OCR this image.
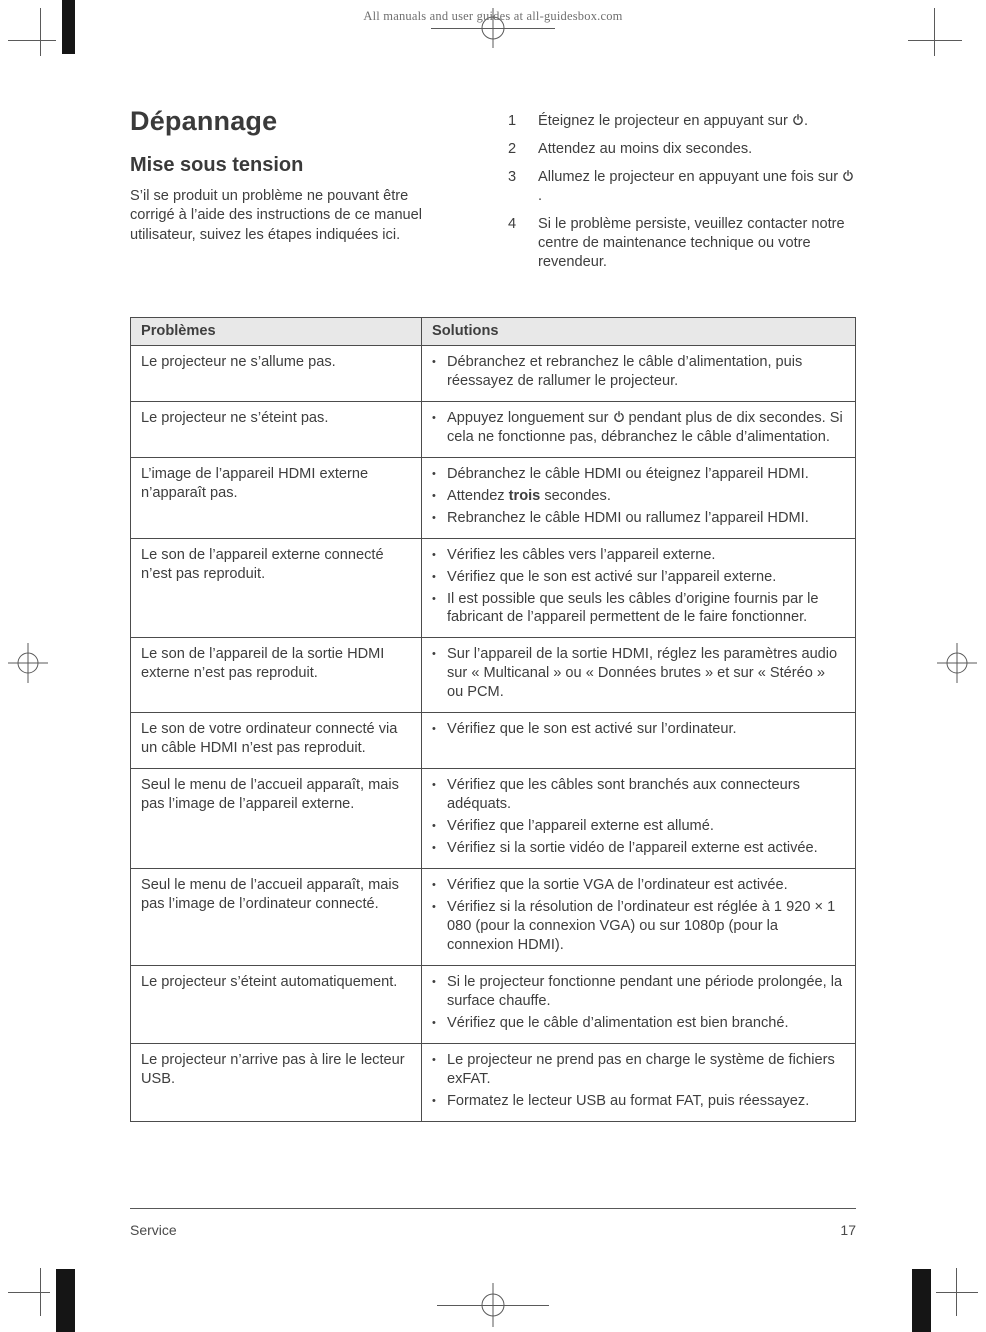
All manuals and user guides at all-guidesbox.com
Dépannage
Mise sous tension

S’il se produit un problème ne pouvant être corrigé à l’aide des instructions de ce manuel utilisateur, suivez les étapes indiquées ici.

1	Éteignez le projecteur en appuyant sur
.
2	Attendez au moins dix secondes.
3	Allumez le projecteur en appuyant une fois sur
.
4	Si le problème persiste, veuillez contacter notre centre de maintenance technique ou votre revendeur.
Problèmes	Solutions
Le projecteur ne s’allume pas.	• Débranchez et rebranchez le câble d’alimentation, puis réessayez de rallumer le projecteur.

Le projecteur ne s’éteint pas.	• Appuyez longuement sur
pendant plus de dix secondes. Si cela ne fonctionne pas, débranchez le câble d’alimentation.

L’image de l’appareil HDMI externe n’apparaît pas.	
• Débranchez le câble HDMI ou éteignez l’appareil HDMI.
• Attendez trois secondes.
• Rebranchez le câble HDMI ou rallumez l’appareil HDMI.

Le son de l’appareil externe connecté n’est pas reproduit.	
• Vérifiez les câbles vers l’appareil externe.
• Vérifiez que le son est activé sur l’appareil externe.
• Il est possible que seuls les câbles d’origine fournis par le fabricant de l’appareil permettent de le faire fonctionner.

Le son de l’appareil de la sortie HDMI externe n’est pas reproduit.	• Sur l’appareil de la sortie HDMI, réglez les paramètres audio sur « Multicanal » ou « Données brutes » et sur « Stéréo » ou PCM.

Le son de votre ordinateur connecté via un câble HDMI n’est pas reproduit.	• Vérifiez que le son est activé sur l’ordinateur.

Seul le menu de l’accueil apparaît, mais pas l’image de l’appareil externe.	
• Vérifiez que les câbles sont branchés aux connecteurs adéquats.
• Vérifiez que l’appareil externe est allumé.
• Vérifiez si la sortie vidéo de l’appareil externe est activée.

Seul le menu de l’accueil apparaît, mais pas l’image de l’ordinateur connecté.	• Vérifiez que la sortie VGA de l’ordinateur est activée.
• Vérifiez si la résolution de l’ordinateur est réglée à 1 920 × 1 080 (pour la connexion VGA) ou sur 1080p (pour la connexion HDMI).

Le projecteur s’éteint automatiquement.	• Si le projecteur fonctionne pendant une période prolongée, la surface chauffe.
• Vérifiez que le câble d’alimentation est bien branché.

Le projecteur n’arrive pas à lire le lecteur USB.	• Le projecteur ne prend pas en charge le système de fichiers exFAT.
• Formatez le lecteur USB au format FAT, puis réessayez.
Service	17
